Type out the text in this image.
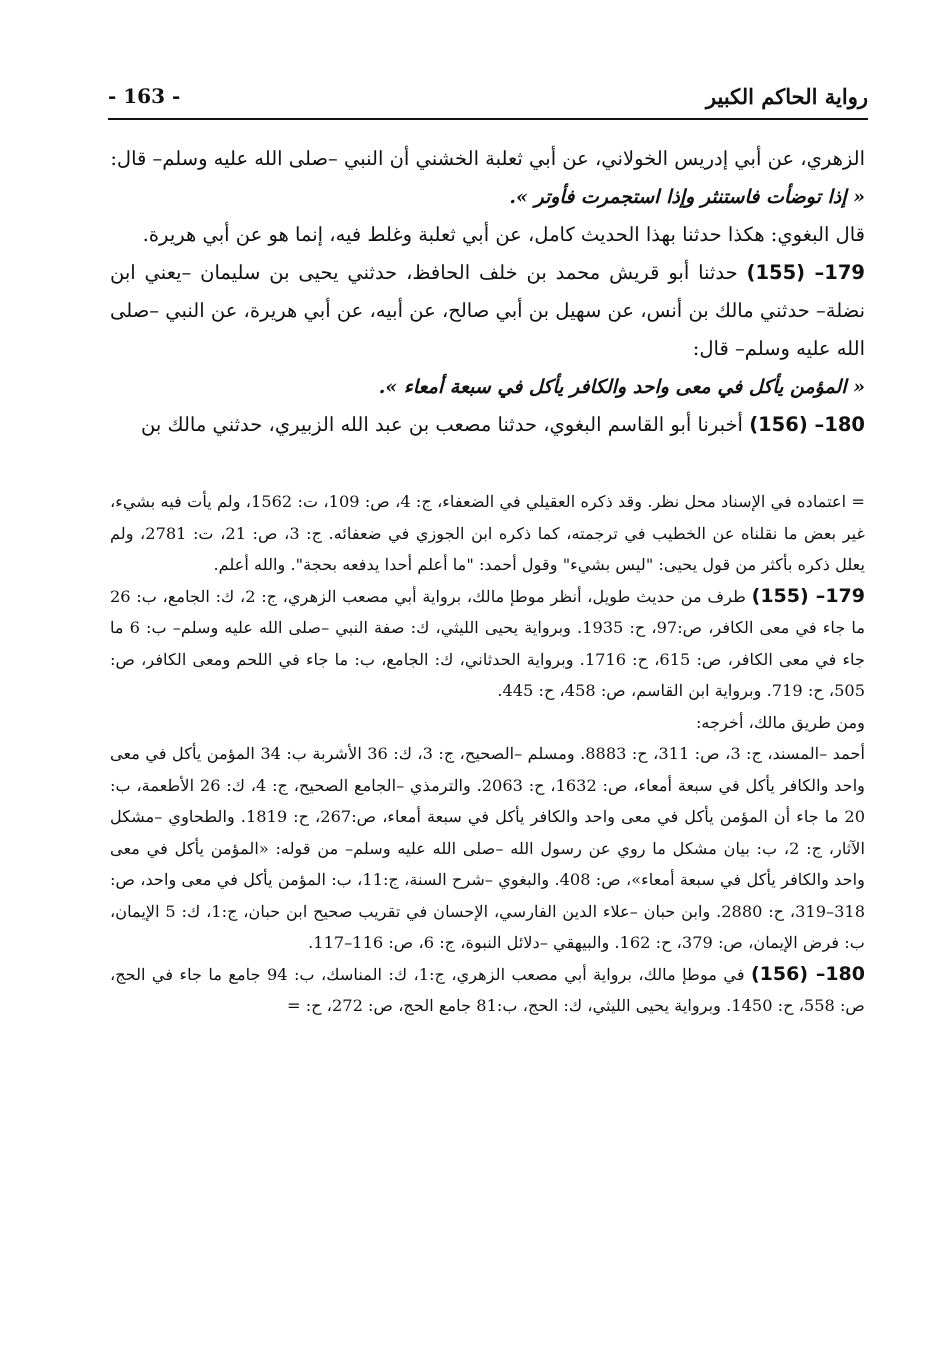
رواية الحاكم الكبير
- 163 -

الزهري، عن أبي إدريس الخولاني، عن أبي ثعلبة الخشني أن النبي –صلى الله عليه وسلم– قال:

« إذا توضأت فاستنثر وإذا استجمرت فأوتر ».

قال البغوي: هكذا حدثنا بهذا الحديث كامل، عن أبي ثعلبة وغلط فيه، إنما هو عن أبي هريرة.

179– (155) حدثنا أبو قريش محمد بن خلف الحافظ، حدثني يحيى بن سليمان –يعني ابن نضلة– حدثني مالك بن أنس، عن سهيل بن أبي صالح، عن أبيه، عن أبي هريرة، عن النبي –صلى الله عليه وسلم– قال:

« المؤمن يأكل في معى واحد والكافر يأكل في سبعة أمعاء ».

180– (156) أخبرنا أبو القاسم البغوي، حدثنا مصعب بن عبد الله الزبيري، حدثني مالك بن

= اعتماده في الإسناد محل نظر. وقد ذكره العقيلي في الضعفاء، ج: 4، ص: 109، ت: 1562، ولم يأت فيه بشيء، غير بعض ما نقلناه عن الخطيب في ترجمته، كما ذكره ابن الجوزي في ضعفائه. ج: 3، ص: 21، ت: 2781، ولم يعلل ذكره بأكثر من قول يحيى: "ليس بشيء" وقول أحمد: "ما أعلم أحدا يدفعه بحجة". والله أعلم.

179– (155) طرف من حديث طويل، أنظر موطإ مالك، برواية أبي مصعب الزهري، ج: 2، ك: الجامع، ب: 26 ما جاء في معى الكافر، ص:97، ح: 1935. وبرواية يحيى الليثي، ك: صفة النبي –صلى الله عليه وسلم– ب: 6 ما جاء في معى الكافر، ص: 615، ح: 1716. وبرواية الحدثاني، ك: الجامع، ب: ما جاء في اللحم ومعى الكافر، ص: 505، ح: 719. وبرواية ابن القاسم، ص: 458، ح: 445.

ومن طريق مالك، أخرجه:

أحمد –المسند، ج: 3، ص: 311، ح: 8883. ومسلم –الصحيح، ج: 3، ك: 36 الأشربة ب: 34 المؤمن يأكل في معى واحد والكافر يأكل في سبعة أمعاء، ص: 1632، ح: 2063. والترمذي –الجامع الصحيح، ج: 4، ك: 26 الأطعمة، ب: 20 ما جاء أن المؤمن يأكل في معى واحد والكافر يأكل في سبعة أمعاء، ص:267، ح: 1819. والطحاوي –مشكل الآثار، ج: 2، ب: بيان مشكل ما روي عن رسول الله –صلى الله عليه وسلم– من قوله: «المؤمن يأكل في معى واحد والكافر يأكل في سبعة أمعاء»، ص: 408. والبغوي –شرح السنة، ج:11، ب: المؤمن يأكل في معى واحد، ص: 318–319، ح: 2880. وابن حبان –علاء الدين الفارسي، الإحسان في تقريب صحيح ابن حبان، ج:1، ك: 5 الإيمان، ب: فرض الإيمان، ص: 379، ح: 162. والبيهقي –دلائل النبوة، ج: 6، ص: 116–117.

180– (156) في موطإ مالك، برواية أبي مصعب الزهري، ج:1، ك: المناسك، ب: 94 جامع ما جاء في الحج، ص: 558، ح: 1450. وبرواية يحيى الليثي، ك: الحج، ب:81 جامع الحج، ص: 272، ح: =
